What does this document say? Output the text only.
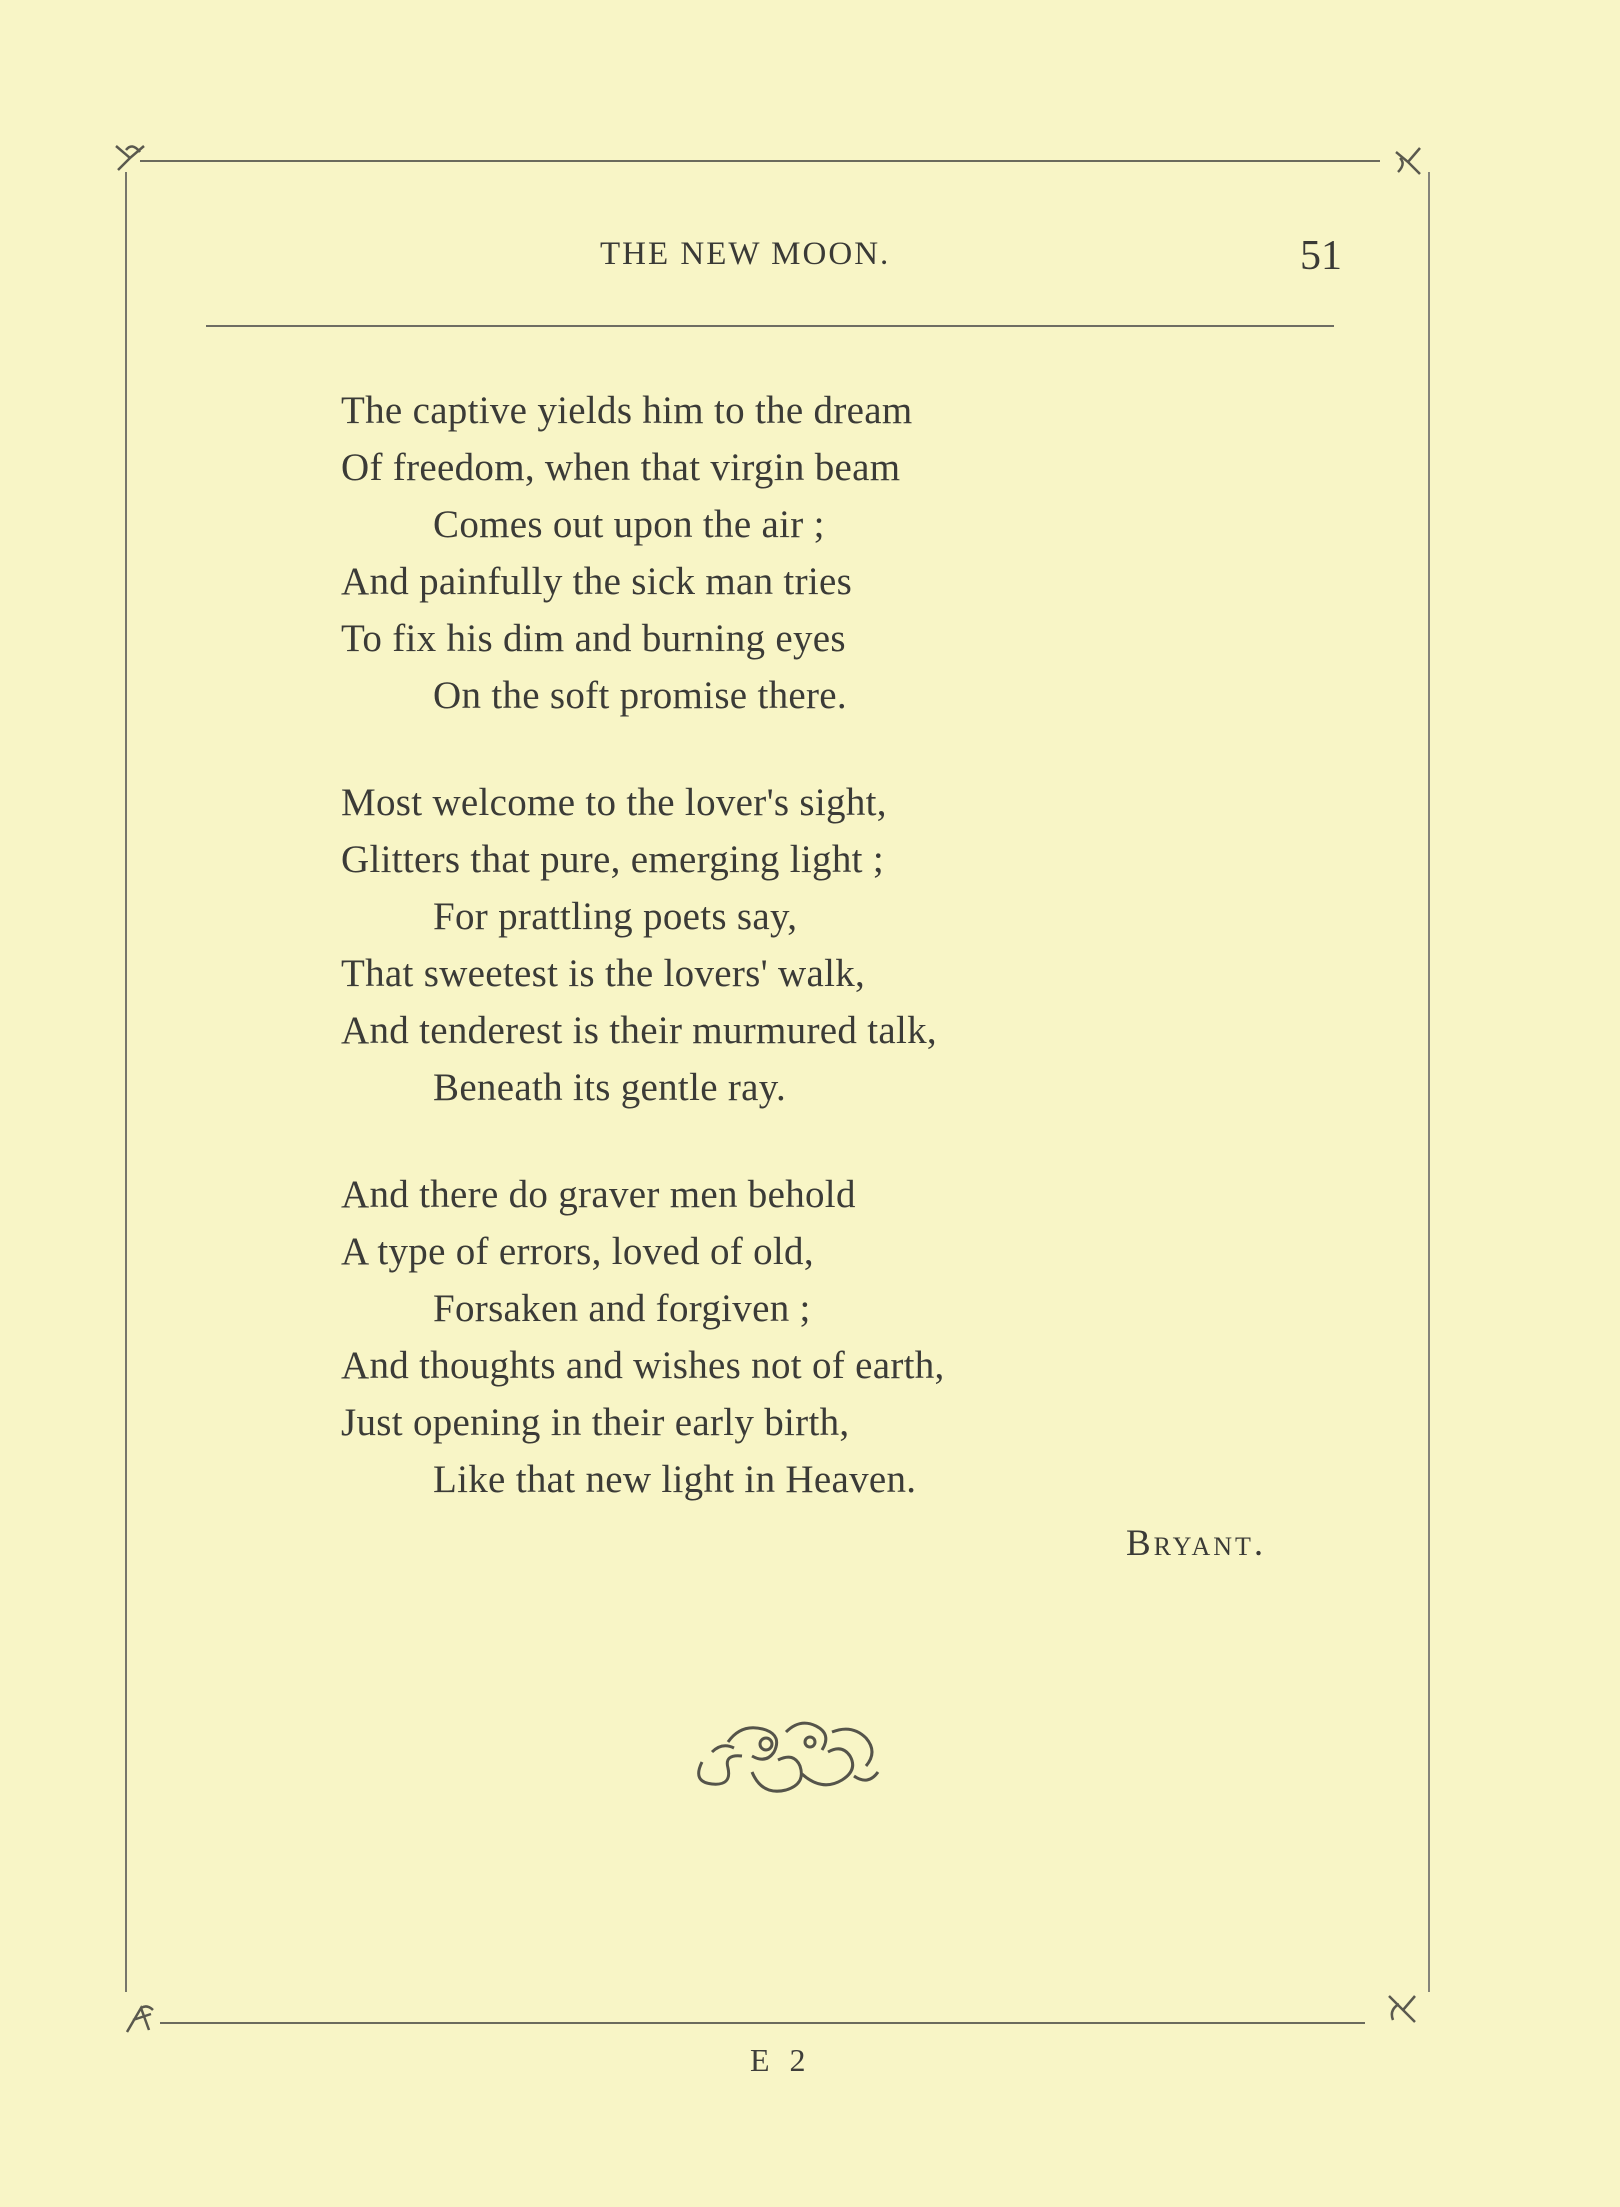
THE NEW MOON.	51
The captive yields him to the dream
Of freedom, when that virgin beam
Comes out upon the air ;
And painfully the sick man tries
To fix his dim and burning eyes
On the soft promise there.
Most welcome to the lover's sight,
Glitters that pure, emerging light ;
For prattling poets say,
That sweetest is the lovers' walk,
And tenderest is their murmured talk,
Beneath its gentle ray.
And there do graver men behold
A type of errors, loved of old,
Forsaken and forgiven ;
And thoughts and wishes not of earth,
Just opening in their early birth,
Like that new light in Heaven.
Bryant.
E 2
